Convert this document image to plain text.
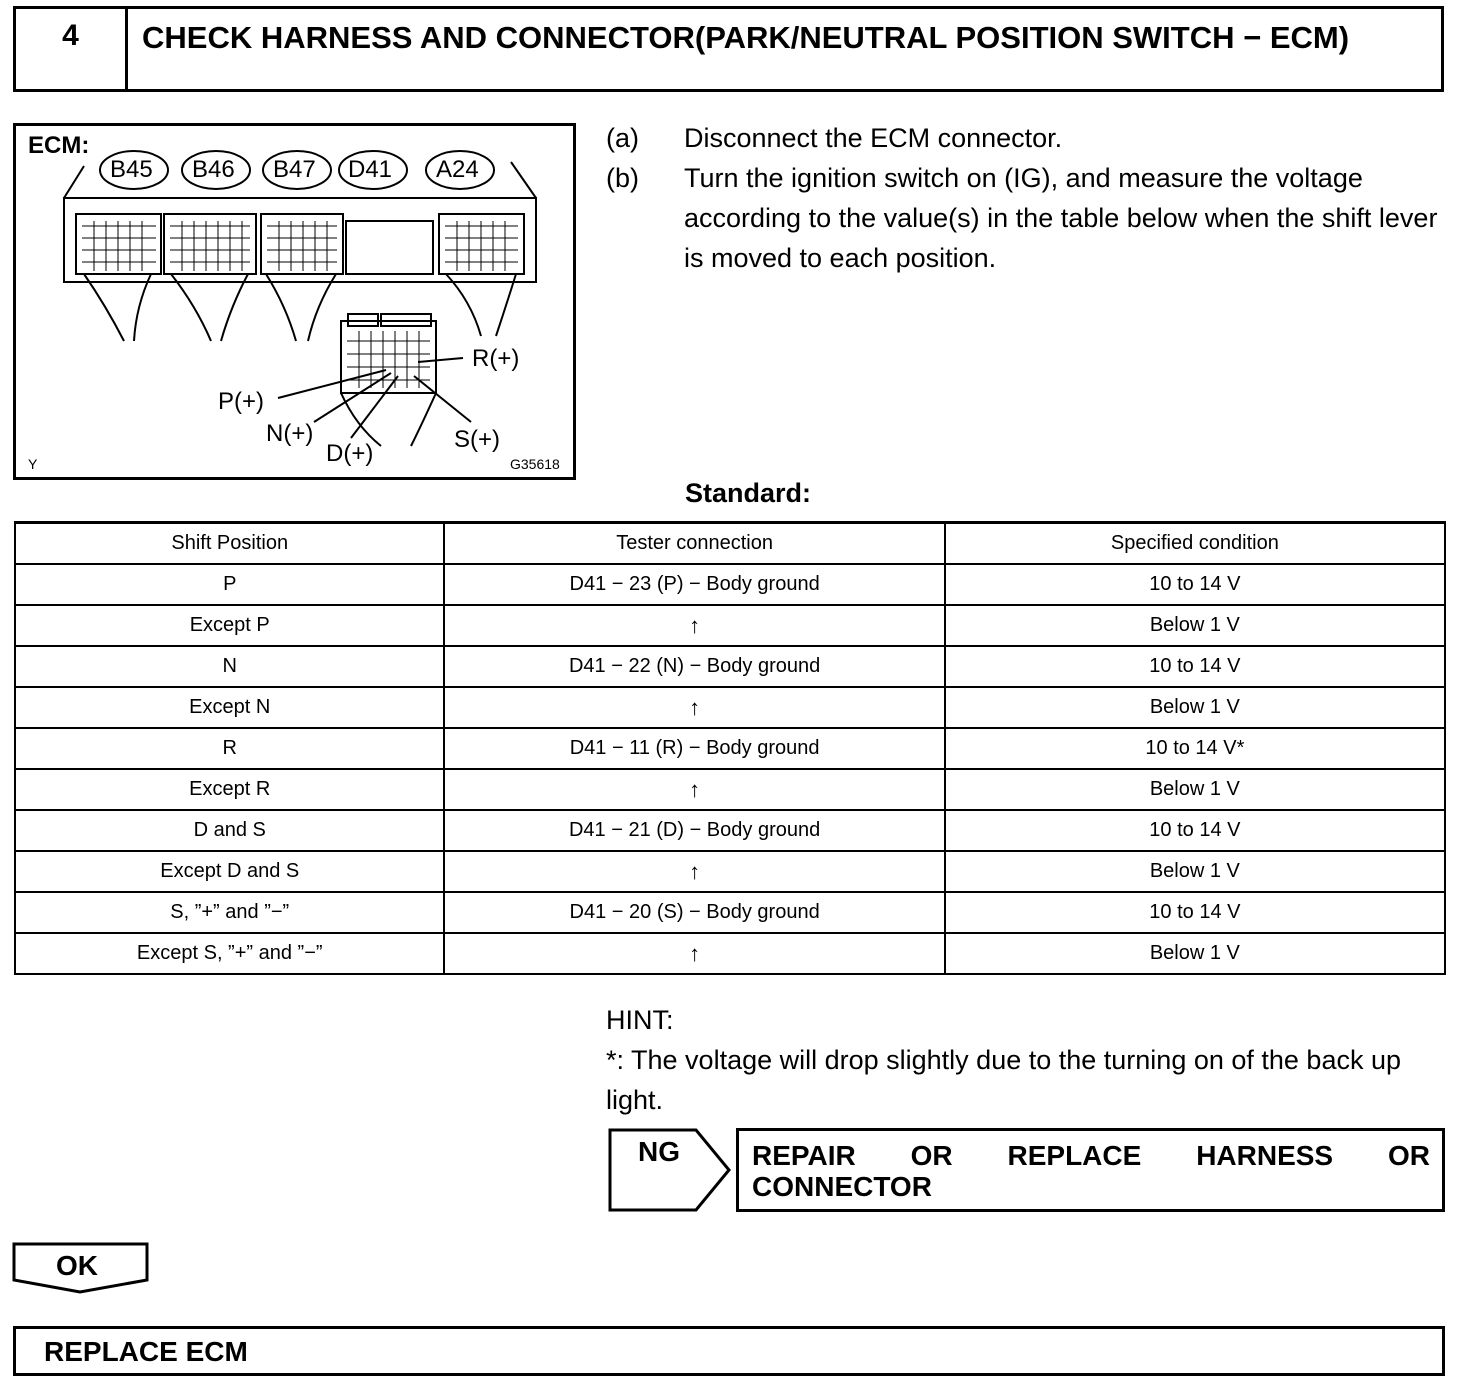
4	CHECK HARNESS AND CONNECTOR(PARK/NEUTRAL POSITION SWITCH − ECM)
ECM:
B45 B46 B47 D41 A24
R(+)
P(+)
N(+)
D(+)
S(+)
Y	G35618
(a)	Disconnect the ECM connector.
(b)	Turn the ignition switch on (IG), and measure the voltage according to the value(s) in the table below when the shift lever is moved to each position.
Standard:
Shift Position	Tester connection	Specified condition
P	D41 − 23 (P) − Body ground	10 to 14 V
Except P	↑	Below 1 V
N	D41 − 22 (N) − Body ground	10 to 14 V
Except N	↑	Below 1 V
R	D41 − 11 (R) − Body ground	10 to 14 V*
Except R	↑	Below 1 V
D and S	D41 − 21 (D) − Body ground	10 to 14 V
Except D and S	↑	Below 1 V
S, ”+” and ”−”	D41 − 20 (S) − Body ground	10 to 14 V
Except S, ”+” and ”−”	↑	Below 1 V
HINT:
*: The voltage will drop slightly due to the turning on of the back up light.
NG	REPAIR OR REPLACE HARNESS OR
CONNECTOR
OK
REPLACE ECM
